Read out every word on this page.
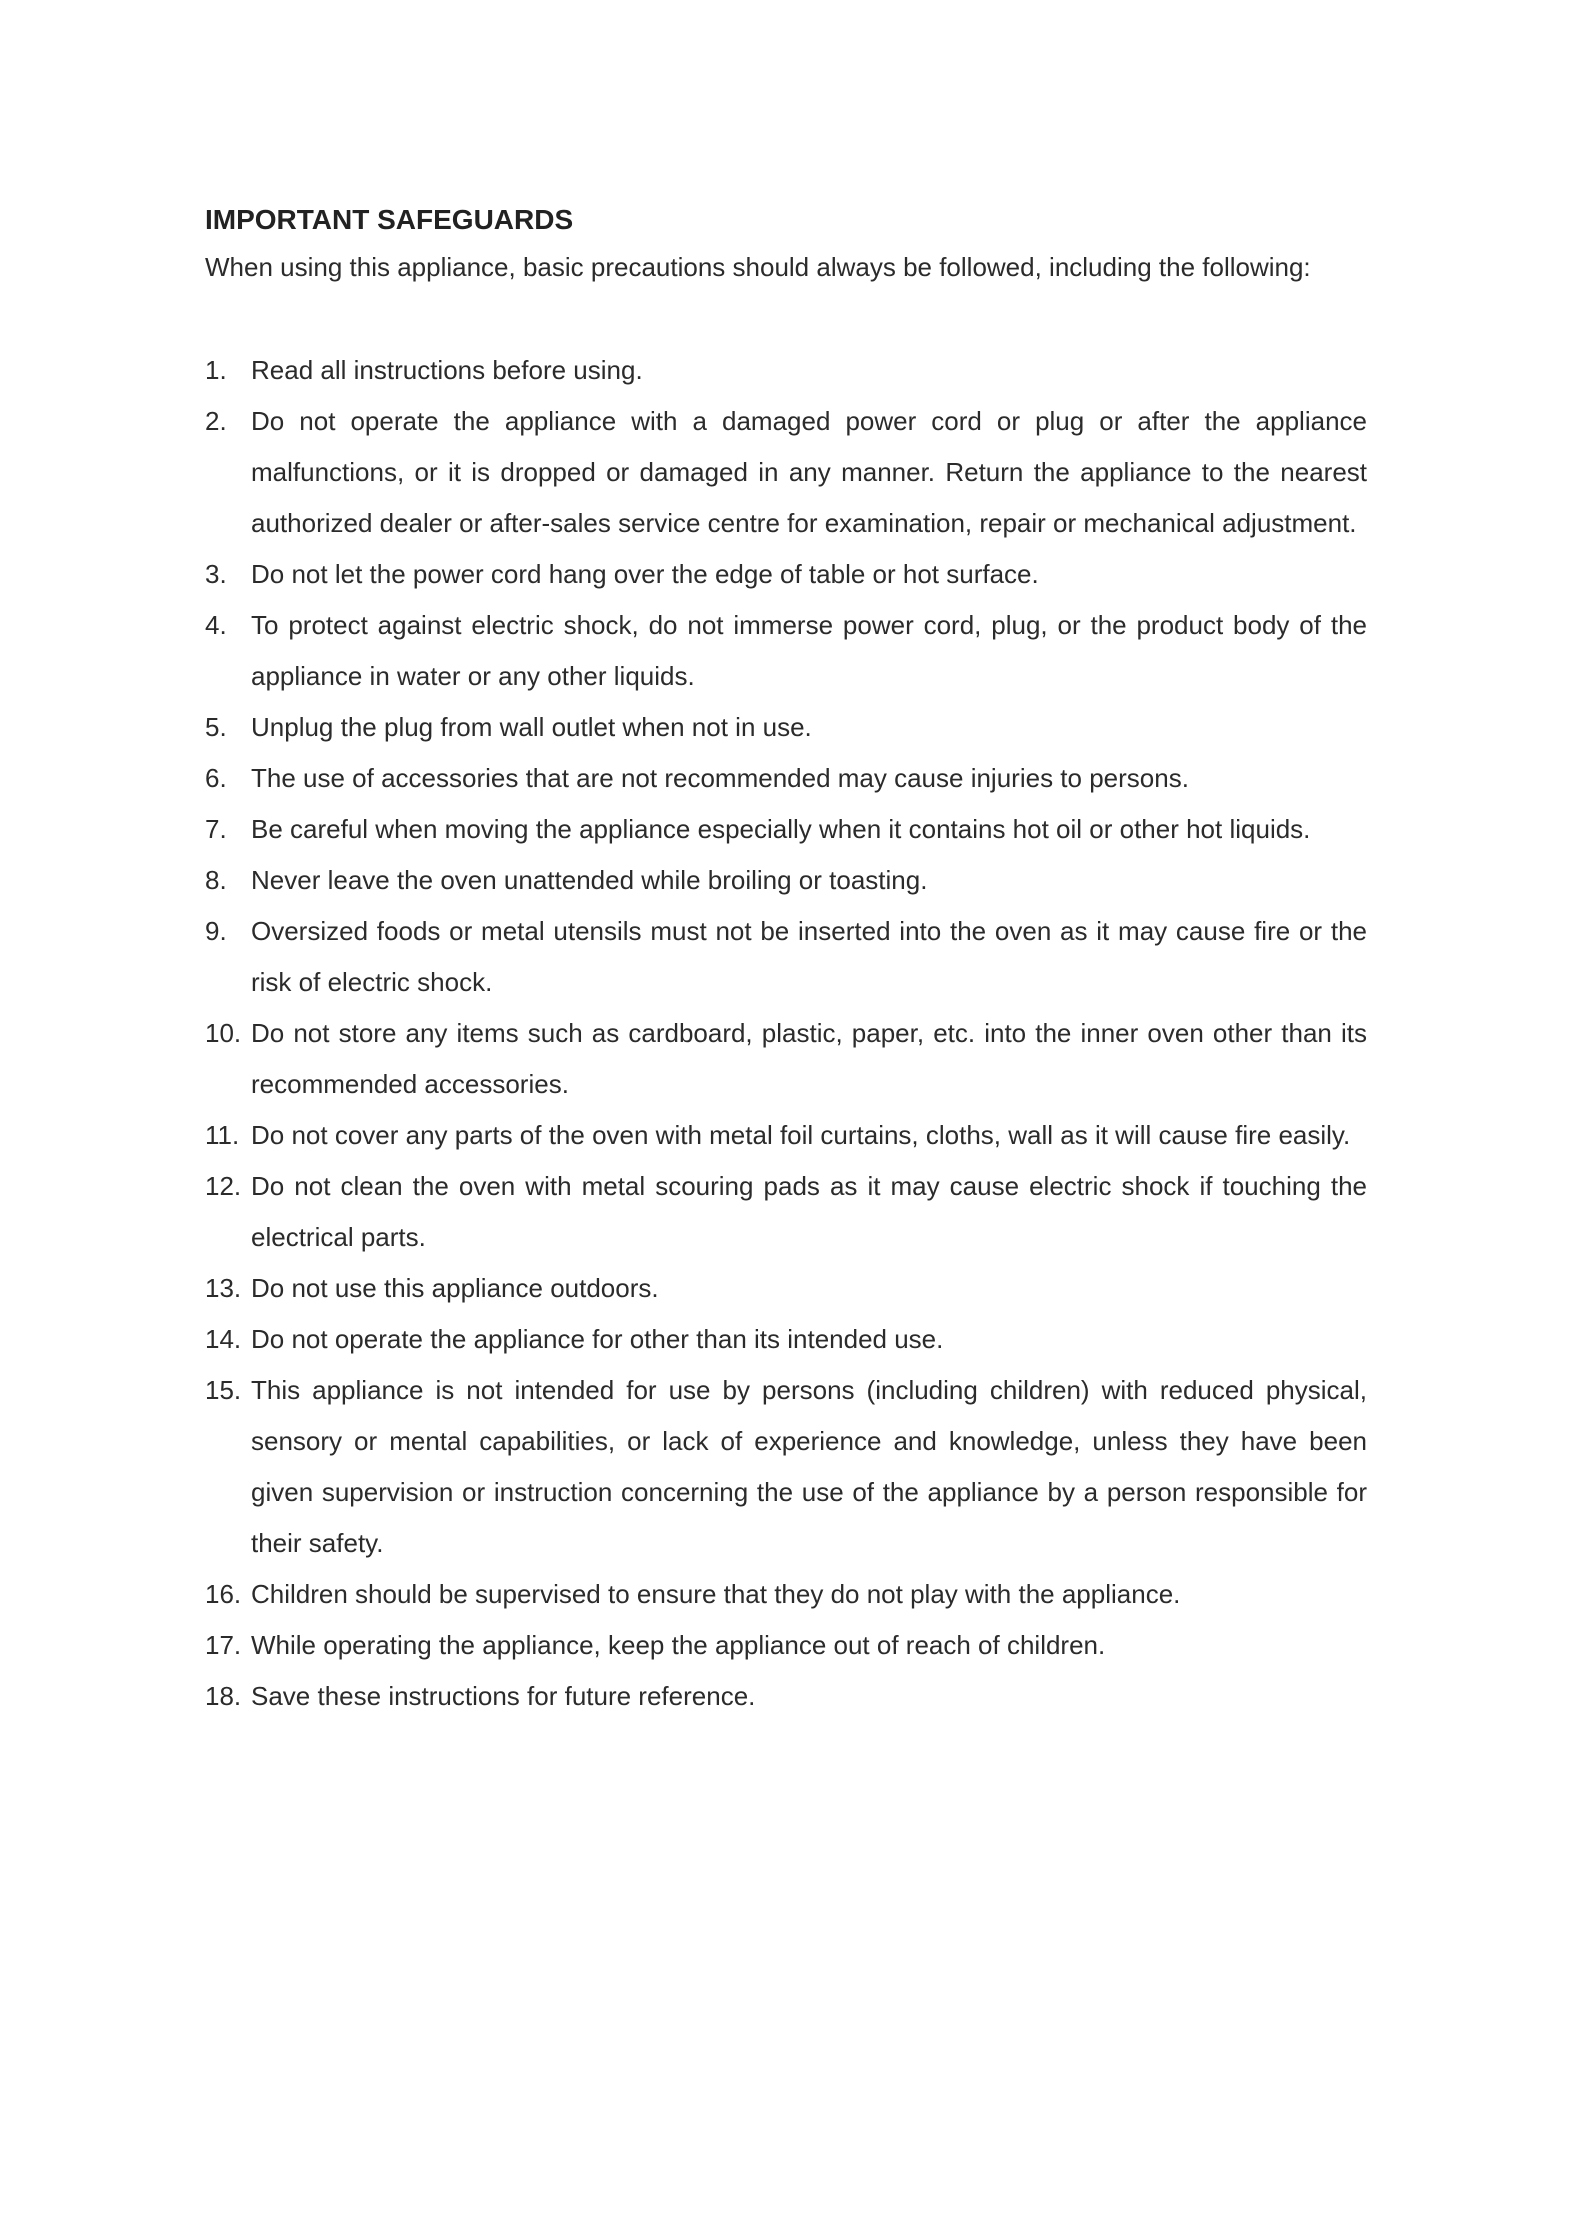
IMPORTANT SAFEGUARDS

When using this appliance, basic precautions should always be followed, including the following:

1. Read all instructions before using.
2. Do not operate the appliance with a damaged power cord or plug or after the appliance malfunctions, or it is dropped or damaged in any manner. Return the appliance to the nearest authorized dealer or after-sales service centre for examination, repair or mechanical adjustment.
3. Do not let the power cord hang over the edge of table or hot surface.
4. To protect against electric shock, do not immerse power cord, plug, or the product body of the appliance in water or any other liquids.
5. Unplug the plug from wall outlet when not in use.
6. The use of accessories that are not recommended may cause injuries to persons.
7. Be careful when moving the appliance especially when it contains hot oil or other hot liquids.
8. Never leave the oven unattended while broiling or toasting.
9. Oversized foods or metal utensils must not be inserted into the oven as it may cause fire or the risk of electric shock.
10. Do not store any items such as cardboard, plastic, paper, etc. into the inner oven other than its recommended accessories.
11. Do not cover any parts of the oven with metal foil curtains, cloths, wall as it will cause fire easily.
12. Do not clean the oven with metal scouring pads as it may cause electric shock if touching the electrical parts.
13. Do not use this appliance outdoors.
14. Do not operate the appliance for other than its intended use.
15. This appliance is not intended for use by persons (including children) with reduced physical, sensory or mental capabilities, or lack of experience and knowledge, unless they have been given supervision or instruction concerning the use of the appliance by a person responsible for their safety.
16. Children should be supervised to ensure that they do not play with the appliance.
17. While operating the appliance, keep the appliance out of reach of children.
18. Save these instructions for future reference.
